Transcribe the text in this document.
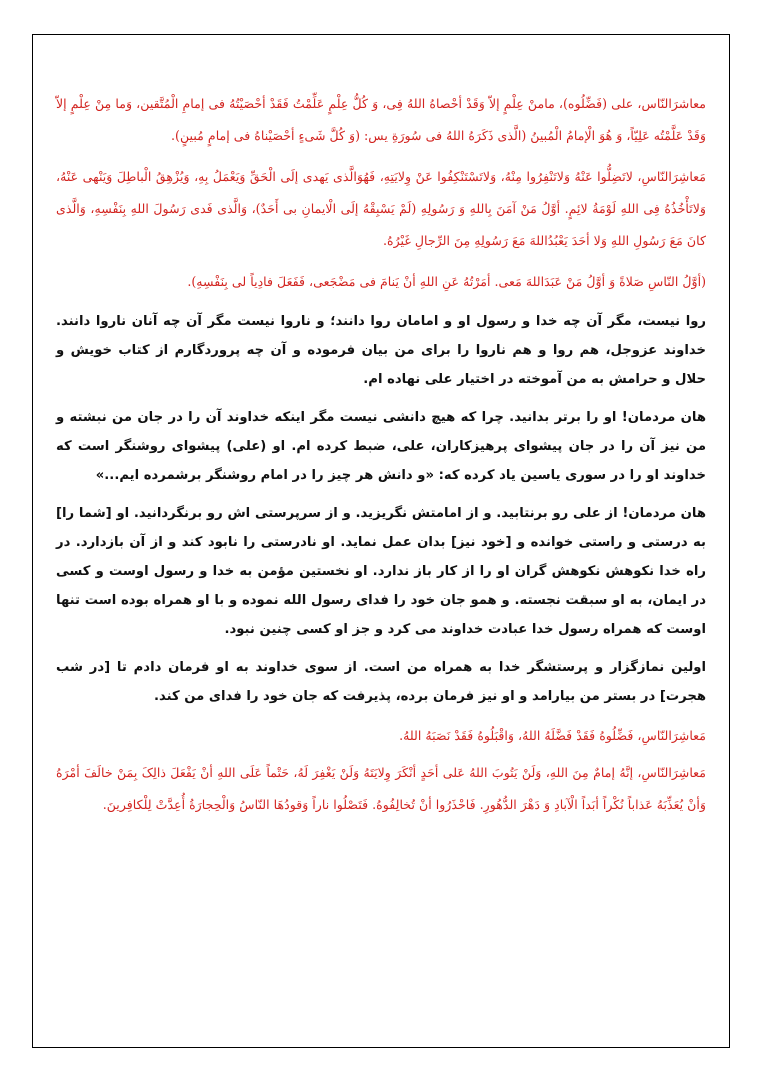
معاشرَالنّاس، علی (فَضِّلُوه)، مامنْ عِلْمٍ إلاّ وَقَدْ أحْصاهُ اللهُ فِی، وَ کُلُّ عِلْمٍ عَلِّمْتُ فَقَدْ أحْصَیْتُهُ فی إمامِ الْمُتَّقین، وَما مِنْ عِلْمٍ إلاّ وَقَدْ عَلَّمْتُه عَلِیّاً، وَ هُوَ الْإمامُ الْمُبینُ (الَّذی ذَکَرَهُ اللهُ فی سُورَةِ یس: (وَ کُلَّ شَیءٍ أحْصَیْناهُ فی إمامٍ مُبینٍ).

مَعاشِرَالنّاسِ، لاتَضِلُّوا عَنْهُ وَلاتَنْفِرُوا مِنْهُ، وَلاتَسْتَنْکِفُوا عَنْ وِلایَتِهِ، فَهُوَالَّذی یَهدی إلَی الْحَقِّ وَیَعْمَلُ بِهِ، وَیُزْهِقُ الْباطِلَ وَیَنْهی عَنْهُ، وَلاتَأْخُذُهُ فِی اللهِ لَوْمَةُ لائِمٍ. أوَّلُ مَنْ آمَنَ بِاللهِ وَ رَسُولِهِ (لَمْ یَسْبِقْهُ إلَی الْایمانِ بی أَحَدٌ)، وَالَّذی فَدی رَسُولَ اللهِ بِنَفْسِهِ، وَالَّذی کانَ مَعَ رَسُولِ اللهِ وَلا أحَدَ یَعْبُدُاللهَ مَعَ رَسُولِهِ مِنَ الرِّجالِ غَیْرُهُ.

(أوَّلُ النّاسِ صَلاةً وَ أوَّلُ مَنْ عَبَدَاللهَ مَعی. أمَرْتُهُ عَنِ اللهِ أنْ یَنامَ فی مَضْجَعی، فَفَعَلَ فادِیاً لی بِنَفْسِهِ).

روا نیست، مگر آن چه خدا و رسول او و امامان روا دانند؛ و ناروا نیست مگر آن چه آنان ناروا دانند. خداوند عزوجل، هم روا و هم ناروا را برای من بیان فرموده و آن چه پروردگارم از کتاب خویش و حلال و حرامش به من آموخته در اختیار علی نهاده ام.

هان مردمان! او را برتر بدانید. چرا که هیچ دانشی نیست مگر اینکه خداوند آن را در جان من نبشته و من نیز آن را در جان پیشوای پرهیزکاران، علی، ضبط کرده ام. او (علی) پیشوای روشنگر است که خداوند او را در سوری یاسین یاد کرده که: «و دانش هر چیز را در امام روشنگر برشمرده ایم...»

هان مردمان! از علی رو برنتابید. و از امامتش نگریزید. و از سرپرستی اش رو برنگردانید. او [شما را] به درستی و راستی خوانده و [خود نیز] بدان عمل نماید. او نادرستی را نابود کند و از آن بازدارد. در راه خدا نکوهش نکوهش گران او را از کار باز ندارد. او نخستین مؤمن به خدا و رسول اوست و کسی در ایمان، به او سبقت نجسته. و همو جان خود را فدای رسول الله نموده و با او همراه بوده است تنها اوست که همراه رسول خدا عبادت خداوند می کرد و جز او کسی چنین نبود.

اولین نمازگزار و پرستشگر خدا به همراه من است. از سوی خداوند به او فرمان دادم تا [در شب هجرت] در بستر من بیارامد و او نیز فرمان برده، پذیرفت که جان خود را فدای من کند.

مَعاشِرَالنّاسِ، فَضِّلُوهُ فَقَدْ فَضَّلَهُ اللهُ، وَاقْبَلُوهُ فَقَدْ نَصَبَهُ اللهُ.

مَعاشِرَالنّاسِ، إنَّهُ إمامٌ مِنَ اللهِ، وَلَنْ یَتُوبَ اللهُ عَلی أحَدٍ أنْکَرَ وِلایَتَهُ وَلَنْ یَغْفِرَ لَهُ، حَتْماً عَلَی اللهِ أنْ یَفْعَلَ ذالِکَ بِمَنْ خالَفَ أمْرَهُ وَأنْ یُعَذِّبَهُ عَذاباً نُکْراً أبَداً الْآبادِ وَ دَهْرَ الدُّهُورِ. فَاحْذَرُوا أنْ تُخالِفُوهُ. فَتَصْلُوا ناراً وَقودُهَا النّاسُ وَالْحِجارَةُ أُعِدَّتْ لِلْکافِرینَ.
